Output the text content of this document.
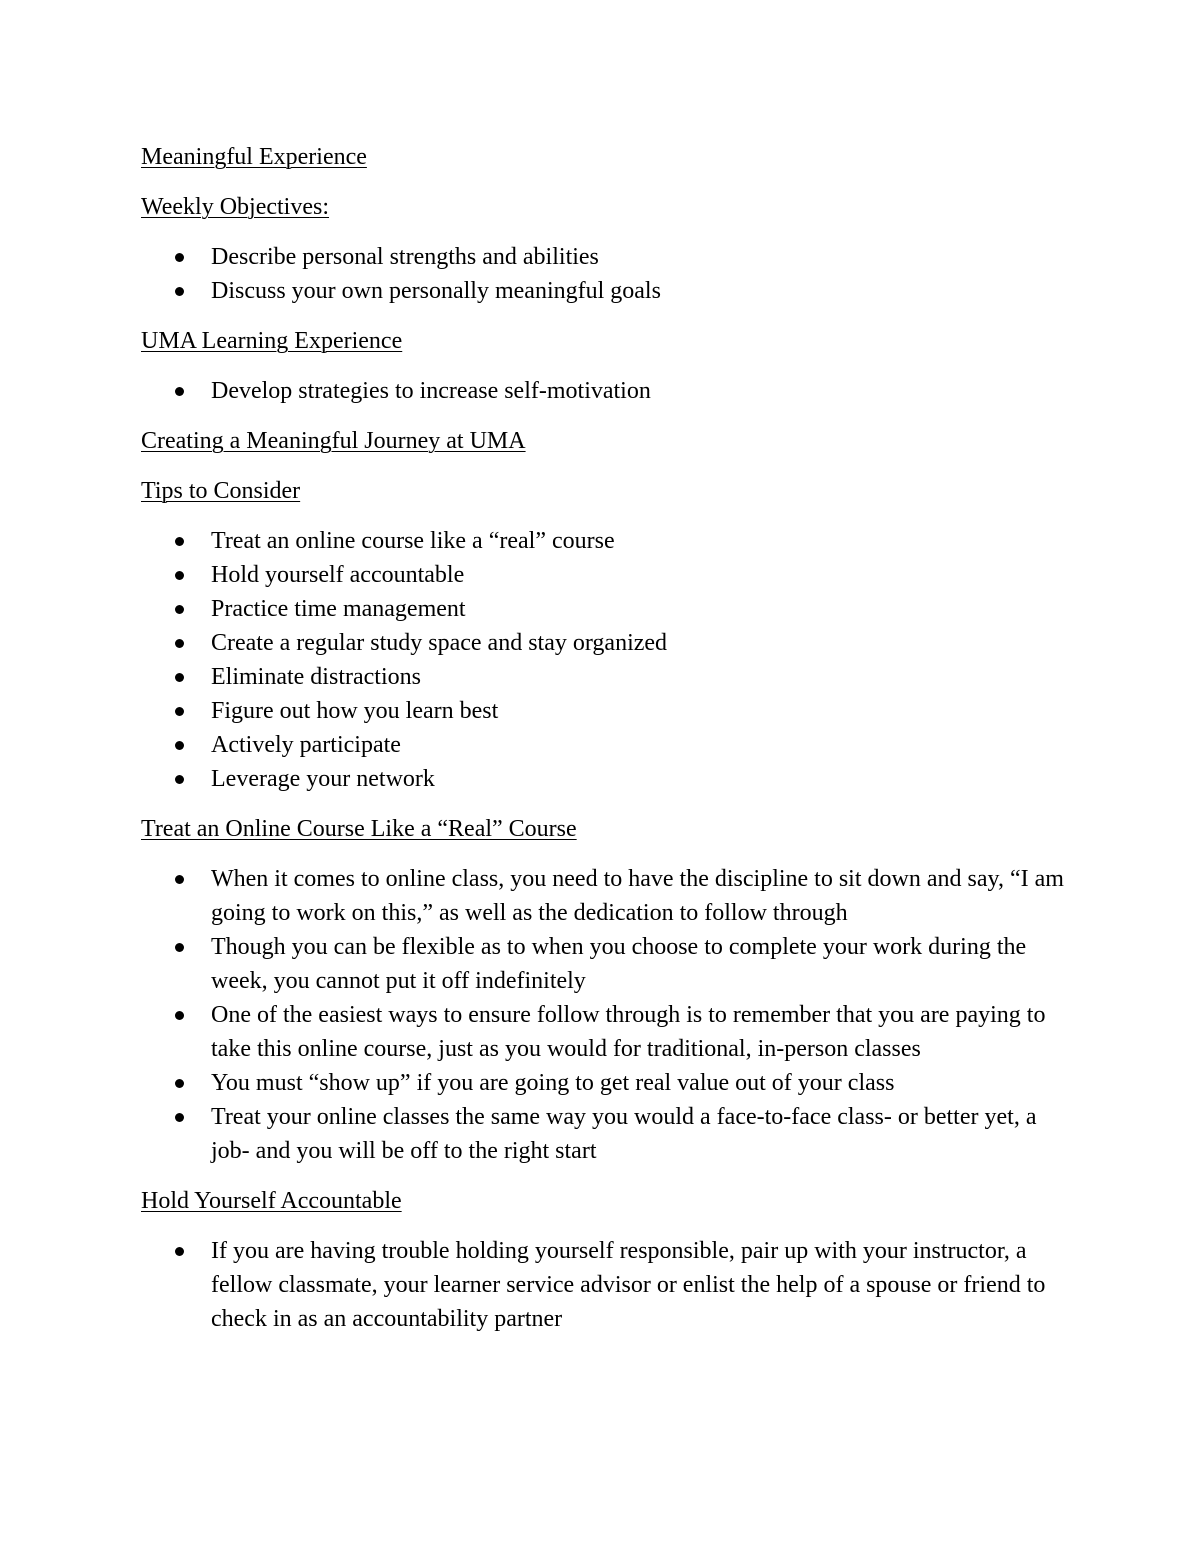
Meaningful Experience
Weekly Objectives:
Describe personal strengths and abilities
Discuss your own personally meaningful goals
UMA Learning Experience
Develop strategies to increase self-motivation
Creating a Meaningful Journey at UMA
Tips to Consider
Treat an online course like a “real” course
Hold yourself accountable
Practice time management
Create a regular study space and stay organized
Eliminate distractions
Figure out how you learn best
Actively participate
Leverage your network
Treat an Online Course Like a “Real” Course
When it comes to online class, you need to have the discipline to sit down and say, “I am going to work on this,” as well as the dedication to follow through
Though you can be flexible as to when you choose to complete your work during the week, you cannot put it off indefinitely
One of the easiest ways to ensure follow through is to remember that you are paying to take this online course, just as you would for traditional, in-person classes
You must “show up” if you are going to get real value out of your class
Treat your online classes the same way you would a face-to-face class- or better yet, a job- and you will be off to the right start
Hold Yourself Accountable
If you are having trouble holding yourself responsible, pair up with your instructor, a fellow classmate, your learner service advisor or enlist the help of a spouse or friend to check in as an accountability partner
